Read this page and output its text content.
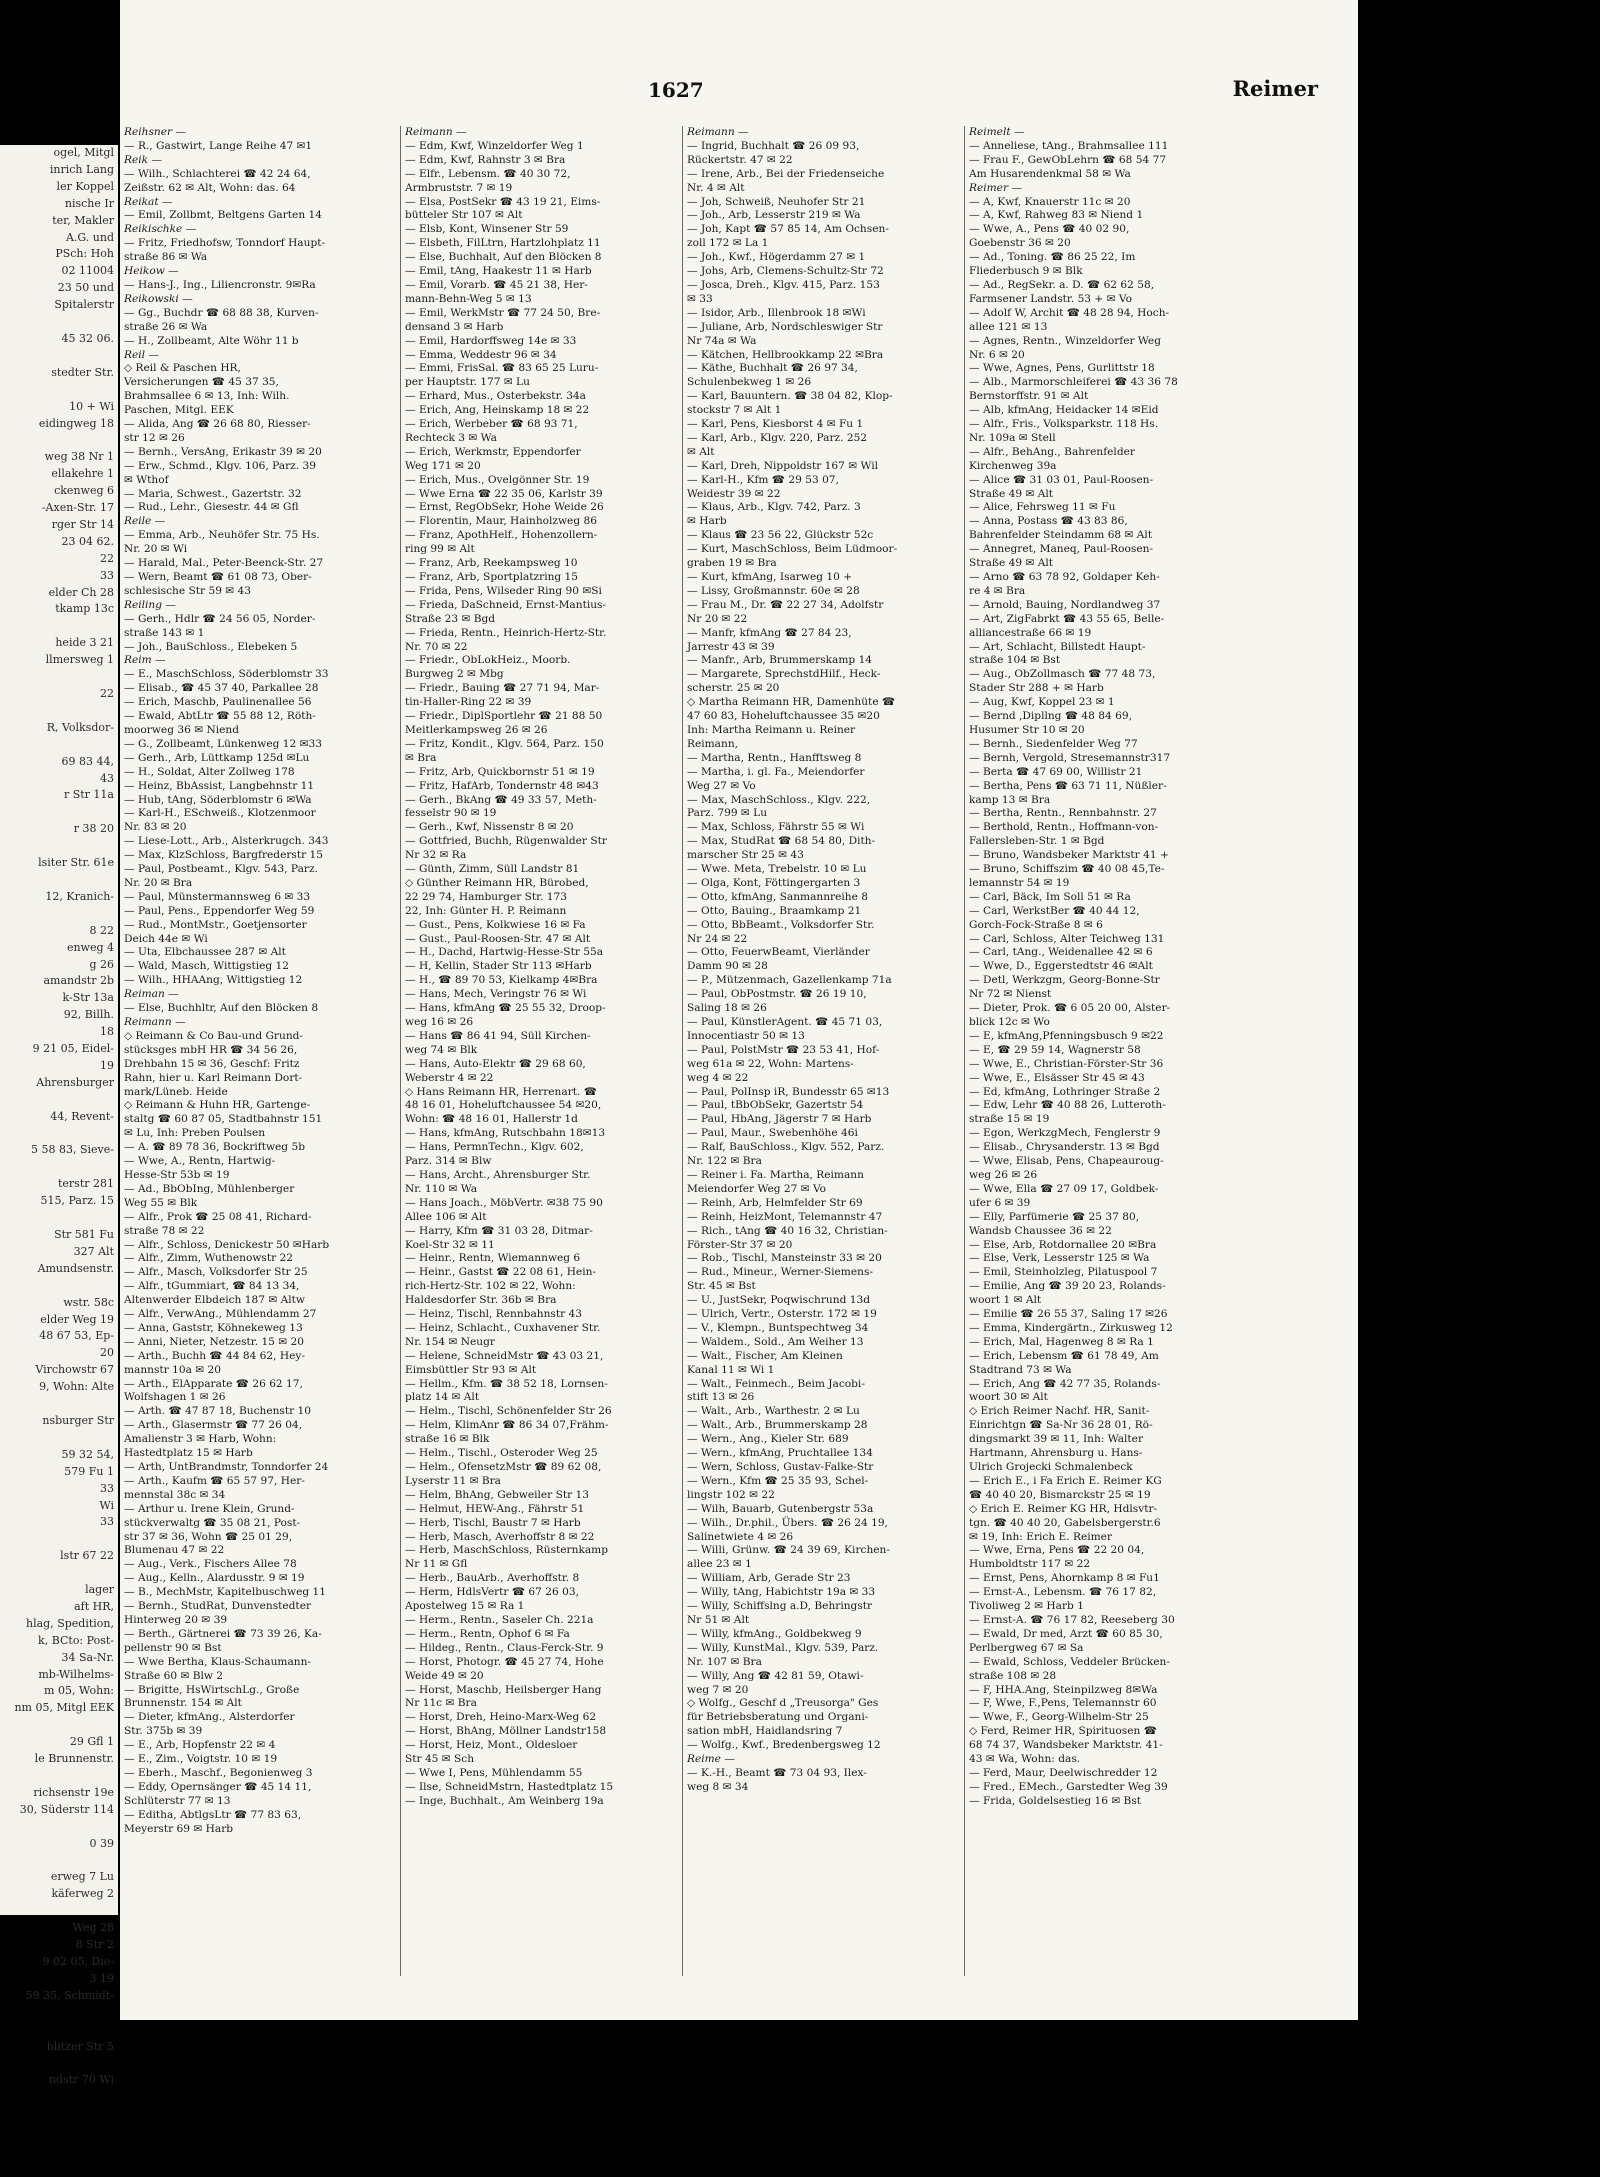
ogel, Mitgl
inrich Lang
ler Koppel
nische Ir
ter, Makler
A.G. und
PSch: Hoh
02 11004
23 50 und
Spitalerstr

45 32 06.

stedter Str.

10 + Wi
eidingweg 18

weg 38 Nr 1
ellakehre 1
ckenweg 6
-Axen-Str. 17
rger Str 14
23 04 62.
22
33
elder Ch 28
tkamp 13c

heide 3 21
llmersweg 1

22

R, Volksdor-

69 83 44,
43
r Str 11a

r 38 20

lsiter Str. 61e

12, Kranich-

8 22
enweg 4
g 26
amandstr 2b
k-Str 13a
92, Billh.
18
9 21 05, Eidel-
19
Ahrensburger

44, Revent-

5 58 83, Sieve-

terstr 281
515, Parz. 15

Str 581 Fu
327 Alt
Amundsenstr.

wstr. 58c
elder Weg 19
48 67 53, Ep-
20
Virchowstr 67
9, Wohn: Alte

nsburger Str

59 32 54,
579 Fu 1
33
Wi
33

lstr 67 22

lager
aft HR,
hlag, Spedition,
k, BCto: Post-
34 Sa-Nr.
mb-Wilhelms-
m 05, Wohn:
nm 05, Mitgl EEK

29 Gfl 1
le Brunnenstr.

richsenstr 19e
30, Süderstr 114

0 39

erweg 7 Lu
käferweg 2

Weg 28
8 Str 2
9 02 05, Die-
3 19
59 35, Schmidt-

blitzer Str 5

ndstr 70 Wi
1627	Reimer
Reihsner —
— R., Gastwirt, Lange Reihe 47 ✉1
Reik —
— Wilh., Schlachterei ☎ 42 24 64,
Zeißstr. 62 ✉ Alt, Wohn: das. 64
Reikat —
— Emil, Zollbmt, Beltgens Garten 14
Reikischke —
— Fritz, Friedhofsw, Tonndorf Haupt-
straße 86 ✉ Wa
Heikow —
— Hans-J., Ing., Liliencronstr. 9✉Ra
Reikowski —
— Gg., Buchdr ☎ 68 88 38, Kurven-
straße 26 ✉ Wa
— H., Zollbeamt, Alte Wöhr 11 b
Reil —
◇ Reil & Paschen HR,
Versicherungen ☎ 45 37 35,
Brahmsallee 6 ✉ 13, Inh: Wilh.
Paschen, Mitgl. EEK
— Alida, Ang ☎ 26 68 80, Riesser-
str 12 ✉ 26
— Bernh., VersAng, Erikastr 39 ✉ 20
— Erw., Schmd., Klgv. 106, Parz. 39
✉ Wthof
— Maria, Schwest., Gazertstr. 32
— Rud., Lehr., Giesestr. 44 ✉ Gfl
Reile —
— Emma, Arb., Neuhöfer Str. 75 Hs.
Nr. 20 ✉ Wi
— Harald, Mal., Peter-Beenck-Str. 27
— Wern, Beamt ☎ 61 08 73, Ober-
schlesische Str 59 ✉ 43
Reiling —
— Gerh., Hdlr ☎ 24 56 05, Norder-
straße 143 ✉ 1
— Joh., BauSchloss., Elebeken 5
Reim —
— E., MaschSchloss, Söderblomstr 33
— Elisab., ☎ 45 37 40, Parkallee 28
— Erich, Maschb, Paulinenallee 56
— Ewald, AbtLtr ☎ 55 88 12, Röth-
moorweg 36 ✉ Niend
— G., Zollbeamt, Lünkenweg 12 ✉33
— Gerh., Arb, Lüttkamp 125d ✉Lu
— H., Soldat, Alter Zollweg 178
— Heinz, BbAssist, Langbehnstr 11
— Hub, tAng, Söderblomstr 6 ✉Wa
— Karl-H., ESchweiß., Klotzenmoor
Nr. 83 ✉ 20
— Liese-Lott., Arb., Alsterkrugch. 343
— Max, KlzSchloss, Bargfrederstr 15
— Paul, Postbeamt., Klgv. 543, Parz.
Nr. 20 ✉ Bra
— Paul, Münstermannsweg 6 ✉ 33
— Paul, Pens., Eppendorfer Weg 59
— Rud., MontMstr., Goetjensorter
Deich 44e ✉ Wi
— Uta, Elbchaussee 287 ✉ Alt
— Wald, Masch, Wittigstieg 12
— Wilh., HHAAng, Wittigstieg 12
Reiman —
— Else, Buchhltr, Auf den Blöcken 8
Reimann —
◇ Reimann & Co Bau-und Grund-
stücksges mbH HR ☎ 34 56 26,
Drehbahn 15 ✉ 36, Geschf: Fritz
Rahn, hier u. Karl Reimann Dort-
mark/Lüneb. Heide
◇ Reimann & Huhn HR, Gartenge-
staltg ☎ 60 87 05, Stadtbahnstr 151
✉ Lu, Inh: Preben Poulsen
— A. ☎ 89 78 36, Bockriftweg 5b
— Wwe, A., Rentn, Hartwig-
Hesse-Str 53b ✉ 19
— Ad., BbObIng, Mühlenberger
Weg 55 ✉ Blk
— Alfr., Prok ☎ 25 08 41, Richard-
straße 78 ✉ 22
— Alfr., Schloss, Denickestr 50 ✉Harb
— Alfr., Zimm, Wuthenowstr 22
— Alfr., Masch, Volksdorfer Str 25
— Alfr., tGummiart, ☎ 84 13 34,
Altenwerder Elbdeich 187 ✉ Altw
— Alfr., VerwAng., Mühlendamm 27
— Anna, Gaststr, Köhnekeweg 13
— Anni, Nieter, Netzestr. 15 ✉ 20
— Arth., Buchh ☎ 44 84 62, Hey-
mannstr 10a ✉ 20
— Arth., ElApparate ☎ 26 62 17,
Wolfshagen 1 ✉ 26
— Arth. ☎ 47 87 18, Buchenstr 10
— Arth., Glasermstr ☎ 77 26 04,
Amalienstr 3 ✉ Harb, Wohn:
Hastedtplatz 15 ✉ Harb
— Arth, UntBrandmstr, Tonndorfer 24
— Arth., Kaufm ☎ 65 57 97, Her-
mennstal 38c ✉ 34
— Arthur u. Irene Klein, Grund-
stückverwaltg ☎ 35 08 21, Post-
str 37 ✉ 36, Wohn ☎ 25 01 29,
Blumenau 47 ✉ 22
— Aug., Verk., Fischers Allee 78
— Aug., Kelln., Alardusstr. 9 ✉ 19
— B., MechMstr, Kapitelbuschweg 11
— Bernh., StudRat, Dunvenstedter
Hinterweg 20 ✉ 39
— Berth., Gärtnerei ☎ 73 39 26, Ka-
pellenstr 90 ✉ Bst
— Wwe Bertha, Klaus-Schaumann-
Straße 60 ✉ Blw 2
— Brigitte, HsWirtschLg., Große
Brunnenstr. 154 ✉ Alt
— Dieter, kfmAng., Alsterdorfer
Str. 375b ✉ 39
— E., Arb, Hopfenstr 22 ✉ 4
— E., Zim., Voigtstr. 10 ✉ 19
— Eberh., Maschf., Begonienweg 3
— Eddy, Opernsänger ☎ 45 14 11,
Schlüterstr 77 ✉ 13
— Editha, AbtlgsLtr ☎ 77 83 63,
Meyerstr 69 ✉ Harb
Reimann —
— Edm, Kwf, Winzeldorfer Weg 1
— Edm, Kwf, Rahnstr 3 ✉ Bra
— Elfr., Lebensm. ☎ 40 30 72,
Armbruststr. 7 ✉ 19
— Elsa, PostSekr ☎ 43 19 21, Eims-
bütteler Str 107 ✉ Alt
— Elsb, Kont, Winsener Str 59
— Elsbeth, FilLtrn, Hartzlohplatz 11
— Else, Buchhalt, Auf den Blöcken 8
— Emil, tAng, Haakestr 11 ✉ Harb
— Emil, Vorarb. ☎ 45 21 38, Her-
mann-Behn-Weg 5 ✉ 13
— Emil, WerkMstr ☎ 77 24 50, Bre-
densand 3 ✉ Harb
— Emil, Hardorffsweg 14e ✉ 33
— Emma, Weddestr 96 ✉ 34
— Emmi, FrisSal. ☎ 83 65 25 Luru-
per Hauptstr. 177 ✉ Lu
— Erhard, Mus., Osterbekstr. 34a
— Erich, Ang, Heinskamp 18 ✉ 22
— Erich, Werbeber ☎ 68 93 71,
Rechteck 3 ✉ Wa
— Erich, Werkmstr, Eppendorfer
Weg 171 ✉ 20
— Erich, Mus., Ovelgönner Str. 19
— Wwe Erna ☎ 22 35 06, Karlstr 39
— Ernst, RegObSekr, Hohe Weide 26
— Florentin, Maur, Hainholzweg 86
— Franz, ApothHelf., Hohenzollern-
ring 99 ✉ Alt
— Franz, Arb, Reekampsweg 10
— Franz, Arb, Sportplatzring 15
— Frida, Pens, Wilseder Ring 90 ✉Si
— Frieda, DaSchneid, Ernst-Mantius-
Straße 23 ✉ Bgd
— Frieda, Rentn., Heinrich-Hertz-Str.
Nr. 70 ✉ 22
— Friedr., ObLokHeiz., Moorb.
Burgweg 2 ✉ Mbg
— Friedr., Bauing ☎ 27 71 94, Mar-
tin-Haller-Ring 22 ✉ 39
— Friedr., DiplSportlehr ☎ 21 88 50
Meitlerkampsweg 26 ✉ 26
— Fritz, Kondit., Klgv. 564, Parz. 150
✉ Bra
— Fritz, Arb, Quickbornstr 51 ✉ 19
— Fritz, HafArb, Tondernstr 48 ✉43
— Gerh., BkAng ☎ 49 33 57, Meth-
fesselstr 90 ✉ 19
— Gerh., Kwf, Nissenstr 8 ✉ 20
— Gottfried, Buchh, Rügenwalder Str
Nr 32 ✉ Ra
— Günth, Zimm, Süll Landstr 81
◇ Günther Reimann HR, Bürobed,
22 29 74, Hamburger Str. 173
22, Inh: Günter H. P. Reimann
— Gust., Pens, Kolkwiese 16 ✉ Fa
— Gust., Paul-Roosen-Str. 47 ✉ Alt
— H., Dachd, Hartwig-Hesse-Str 55a
— H, Kellin, Stader Str 113 ✉Harb
— H., ☎ 89 70 53, Kielkamp 4✉Bra
— Hans, Mech, Veringstr 76 ✉ Wi
— Hans, kfmAng ☎ 25 55 32, Droop-
weg 16 ✉ 26
— Hans ☎ 86 41 94, Süll Kirchen-
weg 74 ✉ Blk
— Hans, Auto-Elektr ☎ 29 68 60,
Weberstr 4 ✉ 22
◇ Hans Reimann HR, Herrenart. ☎
48 16 01, Hoheluftchaussee 54 ✉20,
Wohn: ☎ 48 16 01, Hallerstr 1d
— Hans, kfmAng, Rutschbahn 18✉13
— Hans, PermnTechn., Klgv. 602,
Parz. 314 ✉ Blw
— Hans, Archt., Ahrensburger Str.
Nr. 110 ✉ Wa
— Hans Joach., MöbVertr. ✉38 75 90
Allee 106 ✉ Alt
— Harry, Kfm ☎ 31 03 28, Ditmar-
Koel-Str 32 ✉ 11
— Heinr., Rentn, Wiemannweg 6
— Heinr., Gastst ☎ 22 08 61, Hein-
rich-Hertz-Str. 102 ✉ 22, Wohn:
Haldesdorfer Str. 36b ✉ Bra
— Heinz, Tischl, Rennbahnstr 43
— Heinz, Schlacht., Cuxhavener Str.
Nr. 154 ✉ Neugr
— Helene, SchneidMstr ☎ 43 03 21,
Eimsbüttler Str 93 ✉ Alt
— Hellm., Kfm. ☎ 38 52 18, Lornsen-
platz 14 ✉ Alt
— Helm., Tischl, Schönenfelder Str 26
— Helm, KlimAnr ☎ 86 34 07,Frähm-
straße 16 ✉ Blk
— Helm., Tischl., Osteroder Weg 25
— Helm., OfensetzMstr ☎ 89 62 08,
Lyserstr 11 ✉ Bra
— Helm, BhAng, Gebweiler Str 13
— Helmut, HEW-Ang., Fährstr 51
— Herb, Tischl, Baustr 7 ✉ Harb
— Herb, Masch, Averhoffstr 8 ✉ 22
— Herb, MaschSchloss, Rüsternkamp
Nr 11 ✉ Gfl
— Herb., BauArb., Averhoffstr. 8
— Herm, HdlsVertr ☎ 67 26 03,
Apostelweg 15 ✉ Ra 1
— Herm., Rentn., Saseler Ch. 221a
— Herm., Rentn, Ophof 6 ✉ Fa
— Hildeg., Rentn., Claus-Ferck-Str. 9
— Horst, Photogr. ☎ 45 27 74, Hohe
Weide 49 ✉ 20
— Horst, Maschb, Heilsberger Hang
Nr 11c ✉ Bra
— Horst, Dreh, Heino-Marx-Weg 62
— Horst, BhAng, Möllner Landstr158
— Horst, Heiz, Mont., Oldesloer
Str 45 ✉ Sch
— Wwe I, Pens, Mühlendamm 55
— Ilse, SchneidMstrn, Hastedtplatz 15
— Inge, Buchhalt., Am Weinberg 19a
Reimann —
— Ingrid, Buchhalt ☎ 26 09 93,
Rückertstr. 47 ✉ 22
— Irene, Arb., Bei der Friedenseiche
Nr. 4 ✉ Alt
— Joh, Schweiß, Neuhofer Str 21
— Joh., Arb, Lesserstr 219 ✉ Wa
— Joh, Kapt ☎ 57 85 14, Am Ochsen-
zoll 172 ✉ La 1
— Joh., Kwf., Högerdamm 27 ✉ 1
— Johs, Arb, Clemens-Schultz-Str 72
— Josca, Dreh., Klgv. 415, Parz. 153
✉ 33
— Isidor, Arb., Illenbrook 18 ✉Wi
— Juliane, Arb, Nordschleswiger Str
Nr 74a ✉ Wa
— Kätchen, Hellbrookkamp 22 ✉Bra
— Käthe, Buchhalt ☎ 26 97 34,
Schulenbekweg 1 ✉ 26
— Karl, Bauuntern. ☎ 38 04 82, Klop-
stockstr 7 ✉ Alt 1
— Karl, Pens, Kiesborst 4 ✉ Fu 1
— Karl, Arb., Klgv. 220, Parz. 252
✉ Alt
— Karl, Dreh, Nippoldstr 167 ✉ Wil
— Karl-H., Kfm ☎ 29 53 07,
Weidestr 39 ✉ 22
— Klaus, Arb., Klgv. 742, Parz. 3
✉ Harb
— Klaus ☎ 23 56 22, Glückstr 52c
— Kurt, MaschSchloss, Beim Lüdmoor-
graben 19 ✉ Bra
— Kurt, kfmAng, Isarweg 10 +
— Lissy, Großmannstr. 60e ✉ 28
— Frau M., Dr. ☎ 22 27 34, Adolfstr
Nr 20 ✉ 22
— Manfr, kfmAng ☎ 27 84 23,
Jarrestr 43 ✉ 39
— Manfr., Arb, Brummerskamp 14
— Margarete, SprechstdHilf., Heck-
scherstr. 25 ✉ 20
◇ Martha Reimann HR, Damenhüte ☎
47 60 83, Hoheluftchaussee 35 ✉20
Inh: Martha Reimann u. Reiner
Reimann,
— Martha, Rentn., Hanfftsweg 8
— Martha, i. gl. Fa., Meiendorfer
Weg 27 ✉ Vo
— Max, MaschSchloss., Klgv. 222,
Parz. 799 ✉ Lu
— Max, Schloss, Fährstr 55 ✉ Wi
— Max, StudRat ☎ 68 54 80, Dith-
marscher Str 25 ✉ 43
— Wwe. Meta, Trebelstr. 10 ✉ Lu
— Olga, Kont, Föttingergarten 3
— Otto, kfmAng, Sanmannreihe 8
— Otto, Bauing., Braamkamp 21
— Otto, BbBeamt., Volksdorfer Str.
Nr 24 ✉ 22
— Otto, FeuerwBeamt, Vierländer
Damm 90 ✉ 28
— P., Mützenmach, Gazellenkamp 71a
— Paul, ObPostmstr. ☎ 26 19 10,
Saling 18 ✉ 26
— Paul, KünstlerAgent. ☎ 45 71 03,
Innocentiastr 50 ✉ 13
— Paul, PolstMstr ☎ 23 53 41, Hof-
weg 61a ✉ 22, Wohn: Martens-
weg 4 ✉ 22
— Paul, PolInsp iR, Bundesstr 65 ✉13
— Paul, tBbObSekr, Gazertstr 54
— Paul, HbAng, Jägerstr 7 ✉ Harb
— Paul, Maur., Swebenhöhe 46i
— Ralf, BauSchloss., Klgv. 552, Parz.
Nr. 122 ✉ Bra
— Reiner i. Fa. Martha, Reimann
Meiendorfer Weg 27 ✉ Vo
— Reinh, Arb, Helmfelder Str 69
— Reinh, HeizMont, Telemannstr 47
— Rich., tAng ☎ 40 16 32, Christian-
Förster-Str 37 ✉ 20
— Rob., Tischl, Mansteinstr 33 ✉ 20
— Rud., Mineur., Werner-Siemens-
Str. 45 ✉ Bst
— U., JustSekr, Poqwischrund 13d
— Ulrich, Vertr., Osterstr. 172 ✉ 19
— V., Klempn., Buntspechtweg 34
— Waldem., Sold., Am Weiher 13
— Walt., Fischer, Am Kleinen
Kanal 11 ✉ Wi 1
— Walt., Feinmech., Beim Jacobi-
stift 13 ✉ 26
— Walt., Arb., Warthestr. 2 ✉ Lu
— Walt., Arb., Brummerskamp 28
— Wern., Ang., Kieler Str. 689
— Wern., kfmAng, Pruchtallee 134
— Wern, Schloss, Gustav-Falke-Str
— Wern., Kfm ☎ 25 35 93, Schel-
lingstr 102 ✉ 22
— Wilh, Bauarb, Gutenbergstr 53a
— Wilh., Dr.phil., Übers. ☎ 26 24 19,
Salinetwiete 4 ✉ 26
— Willi, Grünw. ☎ 24 39 69, Kirchen-
allee 23 ✉ 1
— William, Arb, Gerade Str 23
— Willy, tAng, Habichtstr 19a ✉ 33
— Willy, Schiffslng a.D, Behringstr
Nr 51 ✉ Alt
— Willy, kfmAng., Goldbekweg 9
— Willy, KunstMal., Klgv. 539, Parz.
Nr. 107 ✉ Bra
— Willy, Ang ☎ 42 81 59, Otawi-
weg 7 ✉ 20
◇ Wolfg., Geschf d „Treusorga" Ges
für Betriebsberatung und Organi-
sation mbH, Haidlandsring 7
— Wolfg., Kwf., Bredenbergsweg 12
Reime —
— K.-H., Beamt ☎ 73 04 93, Ilex-
weg 8 ✉ 34
Reimelt —
— Anneliese, tAng., Brahmsallee 111
— Frau F., GewObLehrn ☎ 68 54 77
Am Husarendenkmal 58 ✉ Wa
Reimer —
— A, Kwf, Knauerstr 11c ✉ 20
— A, Kwf, Rahweg 83 ✉ Niend 1
— Wwe, A., Pens ☎ 40 02 90,
Goebenstr 36 ✉ 20
— Ad., Toning. ☎ 86 25 22, Im
Fliederbusch 9 ✉ Blk
— Ad., RegSekr. a. D. ☎ 62 62 58,
Farmsener Landstr. 53 + ✉ Vo
— Adolf W, Archit ☎ 48 28 94, Hoch-
allee 121 ✉ 13
— Agnes, Rentn., Winzeldorfer Weg
Nr. 6 ✉ 20
— Wwe, Agnes, Pens, Gurlittstr 18
— Alb., Marmorschleiferei ☎ 43 36 78
Bernstorffstr. 91 ✉ Alt
— Alb, kfmAng, Heidacker 14 ✉Eid
— Alfr., Fris., Volksparkstr. 118 Hs.
Nr. 109a ✉ Stell
— Alfr., BehAng., Bahrenfelder
Kirchenweg 39a
— Alice ☎ 31 03 01, Paul-Roosen-
Straße 49 ✉ Alt
— Alice, Fehrsweg 11 ✉ Fu
— Anna, Postass ☎ 43 83 86,
Bahrenfelder Steindamm 68 ✉ Alt
— Annegret, Maneq, Paul-Roosen-
Straße 49 ✉ Alt
— Arno ☎ 63 78 92, Goldaper Keh-
re 4 ✉ Bra
— Arnold, Bauing, Nordlandweg 37
— Art, ZigFabrkt ☎ 43 55 65, Belle-
alliancestraße 66 ✉ 19
— Art, Schlacht, Billstedt Haupt-
straße 104 ✉ Bst
— Aug., ObZollmasch ☎ 77 48 73,
Stader Str 288 + ✉ Harb
— Aug, Kwf, Koppel 23 ✉ 1
— Bernd ,Dipllng ☎ 48 84 69,
Husumer Str 10 ✉ 20
— Bernh., Siedenfelder Weg 77
— Bernh, Vergold, Stresemannstr317
— Berta ☎ 47 69 00, Willistr 21
— Bertha, Pens ☎ 63 71 11, Nüßler-
kamp 13 ✉ Bra
— Bertha, Rentn., Rennbahnstr. 27
— Berthold, Rentn., Hoffmann-von-
Fallersleben-Str. 1 ✉ Bgd
— Bruno, Wandsbeker Marktstr 41 +
— Bruno, Schiffszim ☎ 40 08 45,Te-
lemannstr 54 ✉ 19
— Carl, Bäck, Im Soll 51 ✉ Ra
— Carl, WerkstBer ☎ 40 44 12,
Gorch-Fock-Straße 8 ✉ 6
— Carl, Schloss, Alter Teichweg 131
— Carl, tAng., Weidenallee 42 ✉ 6
— Wwe, D., Eggerstedtstr 46 ✉Alt
— Detl, Werkzgm, Georg-Bonne-Str
Nr 72 ✉ Nienst
— Dieter, Prok. ☎ 6 05 20 00, Alster-
blick 12c ✉ Wo
— E, kfmAng,Pfenningsbusch 9 ✉22
— E, ☎ 29 59 14, Wagnerstr 58
— Wwe, E., Christian-Förster-Str 36
— Wwe, E., Elsässer Str 45 ✉ 43
— Ed, kfmAng, Lothringer Straße 2
— Edw, Lehr ☎ 40 88 26, Lutteroth-
straße 15 ✉ 19
— Egon, WerkzgMech, Fenglerstr 9
— Elisab., Chrysanderstr. 13 ✉ Bgd
— Wwe, Elisab, Pens, Chapeauroug-
weg 26 ✉ 26
— Wwe, Ella ☎ 27 09 17, Goldbek-
ufer 6 ✉ 39
— Elly, Parfümerie ☎ 25 37 80,
Wandsb Chaussee 36 ✉ 22
— Else, Arb, Rotdornallee 20 ✉Bra
— Else, Verk, Lesserstr 125 ✉ Wa
— Emil, Steinholzleg, Pilatuspool 7
— Emilie, Ang ☎ 39 20 23, Rolands-
woort 1 ✉ Alt
— Emilie ☎ 26 55 37, Saling 17 ✉26
— Emma, Kindergärtn., Zirkusweg 12
— Erich, Mal, Hagenweg 8 ✉ Ra 1
— Erich, Lebensm ☎ 61 78 49, Am
Stadtrand 73 ✉ Wa
— Erich, Ang ☎ 42 77 35, Rolands-
woort 30 ✉ Alt
◇ Erich Reimer Nachf. HR, Sanit-
Einrichtgn ☎ Sa-Nr 36 28 01, Rö-
dingsmarkt 39 ✉ 11, Inh: Walter
Hartmann, Ahrensburg u. Hans-
Ulrich Grojecki Schmalenbeck
— Erich E., i Fa Erich E. Reimer KG
☎ 40 40 20, Bismarckstr 25 ✉ 19
◇ Erich E. Reimer KG HR, Hdlsvtr-
tgn. ☎ 40 40 20, Gabelsbergerstr.6
✉ 19, Inh: Erich E. Reimer
— Wwe, Erna, Pens ☎ 22 20 04,
Humboldtstr 117 ✉ 22
— Ernst, Pens, Ahornkamp 8 ✉ Fu1
— Ernst-A., Lebensm. ☎ 76 17 82,
Tivoliweg 2 ✉ Harb 1
— Ernst-A. ☎ 76 17 82, Reeseberg 30
— Ewald, Dr med, Arzt ☎ 60 85 30,
Perlbergweg 67 ✉ Sa
— Ewald, Schloss, Veddeler Brücken-
straße 108 ✉ 28
— F, HHA.Ang, Steinpilzweg 8✉Wa
— F, Wwe, F.,Pens, Telemannstr 60
— Wwe, F., Georg-Wilhelm-Str 25
◇ Ferd, Reimer HR, Spirituosen ☎
68 74 37, Wandsbeker Marktstr. 41-
43 ✉ Wa, Wohn: das.
— Ferd, Maur, Deelwischredder 12
— Fred., EMech., Garstedter Weg 39
— Frida, Goldelsestieg 16 ✉ Bst
